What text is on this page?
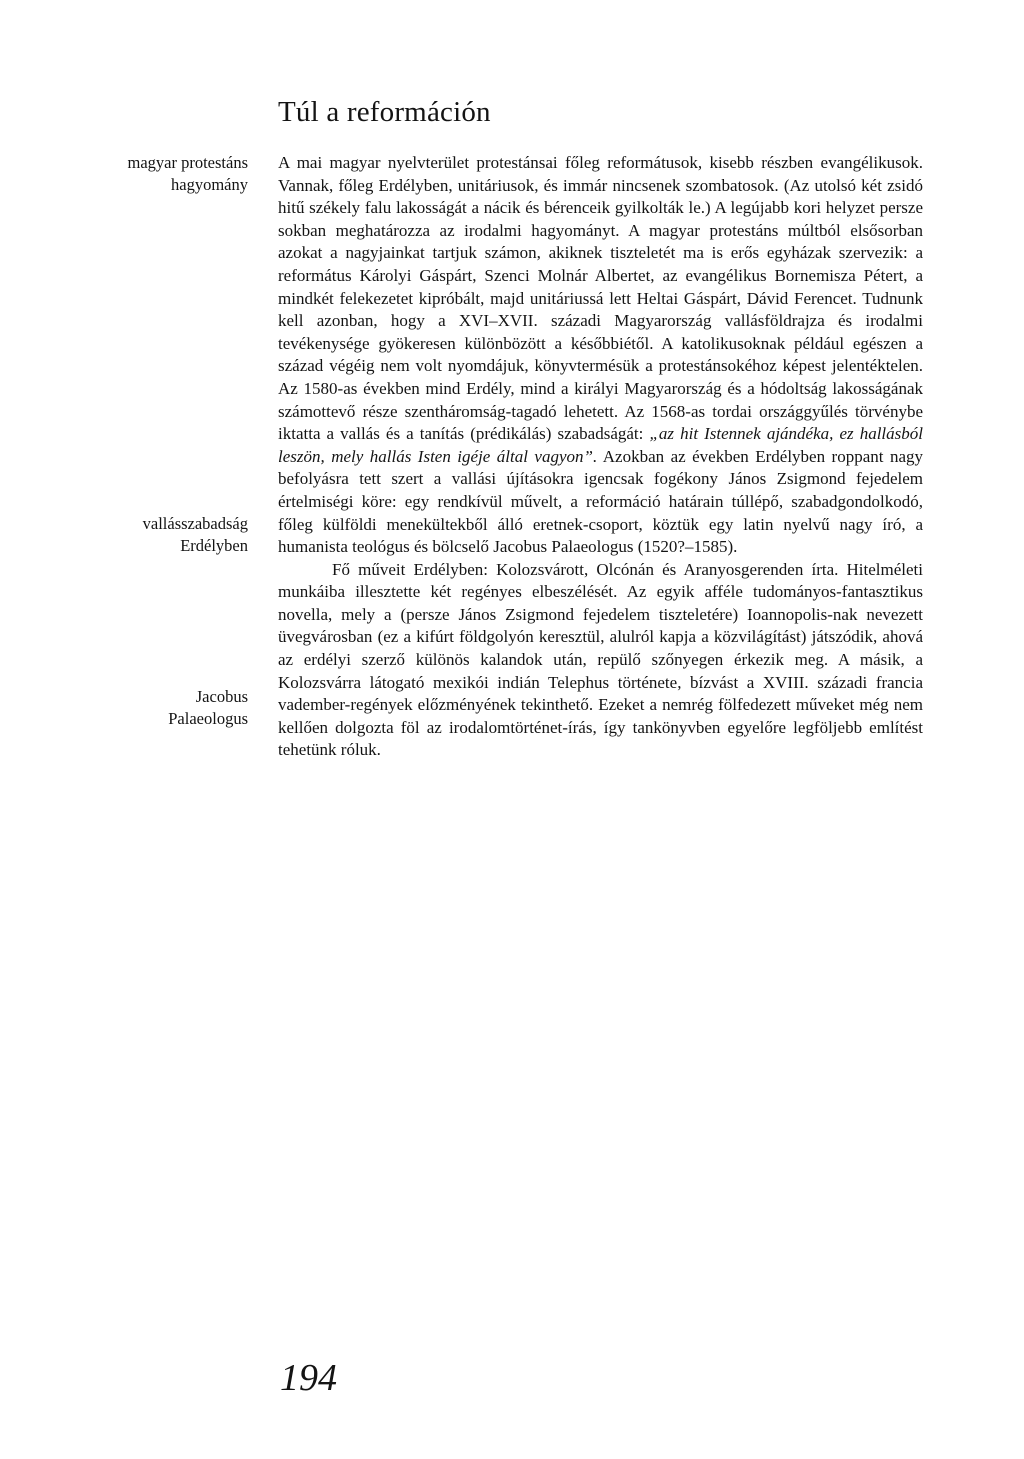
Túl a reformáción
magyar protestáns
hagyomány
vallásszabadság
Erdélyben
Jacobus
Palaeologus

A mai magyar nyelvterület protestánsai főleg reformátusok, kisebb részben evangélikusok. Vannak, főleg Erdélyben, unitáriusok, és immár nincsenek szombatosok. (Az utolsó két zsidó hitű székely falu lakosságát a nácik és bérenceik gyilkolták le.) A legújabb kori helyzet persze sokban meghatározza az irodalmi hagyományt. A magyar protestáns múltból elsősorban azokat a nagyjainkat tartjuk számon, akiknek tiszteletét ma is erős egyházak szervezik: a református Károlyi Gáspárt, Szenci Molnár Albertet, az evangélikus Bornemisza Pétert, a mindkét felekezetet kipróbált, majd unitáriussá lett Heltai Gáspárt, Dávid Ferencet. Tudnunk kell azonban, hogy a XVI–XVII. századi Magyarország vallásföldrajza és irodalmi tevékenysége gyökeresen különbözött a későbbiétől. A katolikusoknak például egészen a század végéig nem volt nyomdájuk, könyvtermésük a protestánsokéhoz képest jelentéktelen. Az 1580-as években mind Erdély, mind a királyi Magyarország és a hódoltság lakosságának számottevő része szentháromság-tagadó lehetett. Az 1568-as tordai országgyűlés törvénybe iktatta a vallás és a tanítás (prédikálás) szabadságát: „az hit Istennek ajándéka, ez hallásból leszön, mely hallás Isten igéje által vagyon”. Azokban az években Erdélyben roppant nagy befolyásra tett szert a vallási újításokra igencsak fogékony János Zsigmond fejedelem értelmiségi köre: egy rendkívül művelt, a reformáció határain túllépő, szabadgondolkodó, főleg külföldi menekültekből álló eretnek-csoport, köztük egy latin nyelvű nagy író, a humanista teológus és bölcselő Jacobus Palaeologus (1520?–1585).

Fő műveit Erdélyben: Kolozsvárott, Olcónán és Aranyosgerenden írta. Hitelméleti munkáiba illesztette két regényes elbeszélését. Az egyik afféle tudományos-fantasztikus novella, mely a (persze János Zsigmond fejedelem tiszteletére) Ioannopolis-nak nevezett üvegvárosban (ez a kifúrt földgolyón keresztül, alulról kapja a közvilágítást) játszódik, ahová az erdélyi szerző különös kalandok után, repülő szőnyegen érkezik meg. A másik, a Kolozsvárra látogató mexikói indián Telephus története, bízvást a XVIII. századi francia vadember-regények előzményének tekinthető. Ezeket a nemrég fölfedezett műveket még nem kellően dolgozta föl az irodalomtörténet-írás, így tankönyvben egyelőre legföljebb említést tehetünk róluk.

194
